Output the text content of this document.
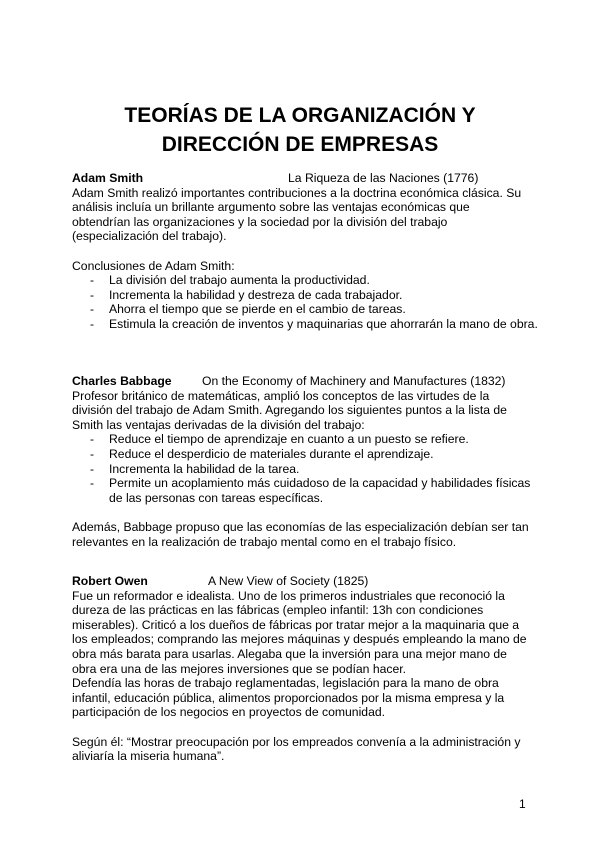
TEORÍAS DE LA ORGANIZACIÓN Y
DIRECCIÓN DE EMPRESAS
Adam Smith	La Riqueza de las Naciones (1776)
Adam Smith realizó importantes contribuciones a la doctrina económica clásica. Su
análisis incluía un brillante argumento sobre las ventajas económicas que
obtendrían las organizaciones y la sociedad por la división del trabajo
(especialización del trabajo).
Conclusiones de Adam Smith:
- La división del trabajo aumenta la productividad.
- Incrementa la habilidad y destreza de cada trabajador.
- Ahorra el tiempo que se pierde en el cambio de tareas.
- Estimula la creación de inventos y maquinarias que ahorrarán la mano de obra.
Charles Babbage On the Economy of Machinery and Manufactures (1832)
Profesor británico de matemáticas, amplió los conceptos de las virtudes de la
división del trabajo de Adam Smith. Agregando los siguientes puntos a la lista de
Smith las ventajas derivadas de la división del trabajo:
- Reduce el tiempo de aprendizaje en cuanto a un puesto se refiere.
- Reduce el desperdicio de materiales durante el aprendizaje.
- Incrementa la habilidad de la tarea.
- Permite un acoplamiento más cuidadoso de la capacidad y habilidades físicas de las personas con tareas específicas.
Además, Babbage propuso que las economías de las especialización debían ser tan
relevantes en la realización de trabajo mental como en el trabajo físico.
Robert Owen	A New View of Society (1825)
Fue un reformador e idealista. Uno de los primeros industriales que reconoció la
dureza de las prácticas en las fábricas (empleo infantil: 13h con condiciones
miserables). Criticó a los dueños de fábricas por tratar mejor a la maquinaria que a
los empleados; comprando las mejores máquinas y después empleando la mano de
obra más barata para usarlas. Alegaba que la inversión para una mejor mano de
obra era una de las mejores inversiones que se podían hacer.
Defendía las horas de trabajo reglamentadas, legislación para la mano de obra
infantil, educación pública, alimentos proporcionados por la misma empresa y la
participación de los negocios en proyectos de comunidad.
Según él: “Mostrar preocupación por los empreados convenía a la administración y
aliviaría la miseria humana”.
1
